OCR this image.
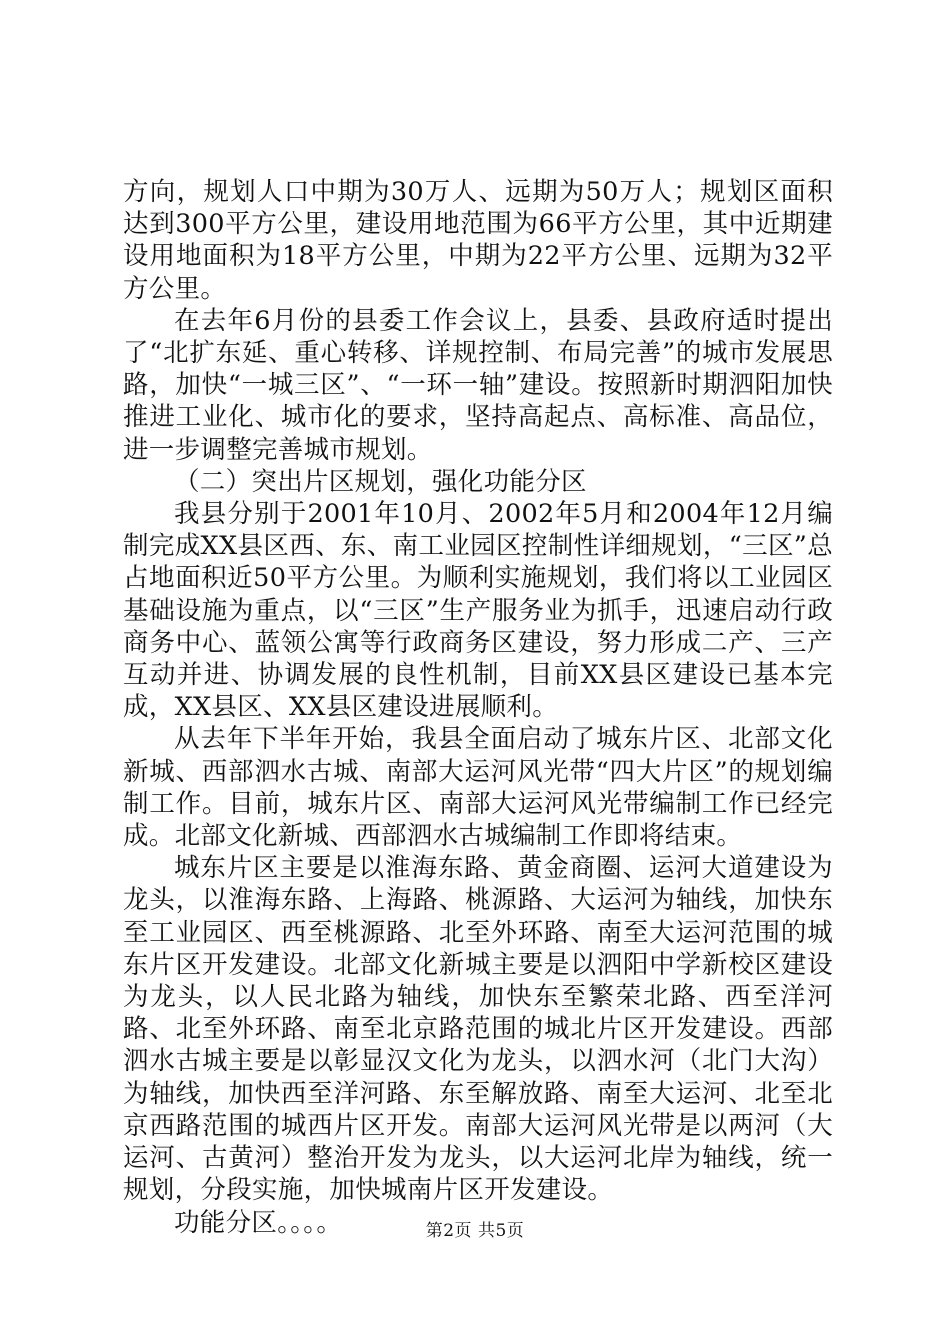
方向，规划人口中期为30万人、远期为50万人；规划区面积达到300平方公里，建设用地范围为66平方公里，其中近期建设用地面积为18平方公里，中期为22平方公里、远期为32平方公里。

在去年6月份的县委工作会议上，县委、县政府适时提出了“北扩东延、重心转移、详规控制、布局完善”的城市发展思路，加快“一城三区”、“一环一轴”建设。按照新时期泗阳加快推进工业化、城市化的要求，坚持高起点、高标准、高品位，进一步调整完善城市规划。

（二）突出片区规划，强化功能分区

我县分别于2001年10月、2002年5月和2004年12月编制完成XX县区西、东、南工业园区控制性详细规划，“三区”总占地面积近50平方公里。为顺利实施规划，我们将以工业园区基础设施为重点，以“三区”生产服务业为抓手，迅速启动行政商务中心、蓝领公寓等行政商务区建设，努力形成二产、三产互动并进、协调发展的良性机制，目前XX县区建设已基本完成，XX县区、XX县区建设进展顺利。

从去年下半年开始，我县全面启动了城东片区、北部文化新城、西部泗水古城、南部大运河风光带“四大片区”的规划编制工作。目前，城东片区、南部大运河风光带编制工作已经完成。北部文化新城、西部泗水古城编制工作即将结束。

城东片区主要是以淮海东路、黄金商圈、运河大道建设为龙头，以淮海东路、上海路、桃源路、大运河为轴线，加快东至工业园区、西至桃源路、北至外环路、南至大运河范围的城东片区开发建设。北部文化新城主要是以泗阳中学新校区建设为龙头，以人民北路为轴线，加快东至繁荣北路、西至洋河路、北至外环路、南至北京路范围的城北片区开发建设。西部泗水古城主要是以彰显汉文化为龙头，以泗水河（北门大沟）为轴线，加快西至洋河路、东至解放路、南至大运河、北至北京西路范围的城西片区开发。南部大运河风光带是以两河（大运河、古黄河）整治开发为龙头，以大运河北岸为轴线，统一规划，分段实施，加快城南片区开发建设。

功能分区。。。。	第2页 共5页
